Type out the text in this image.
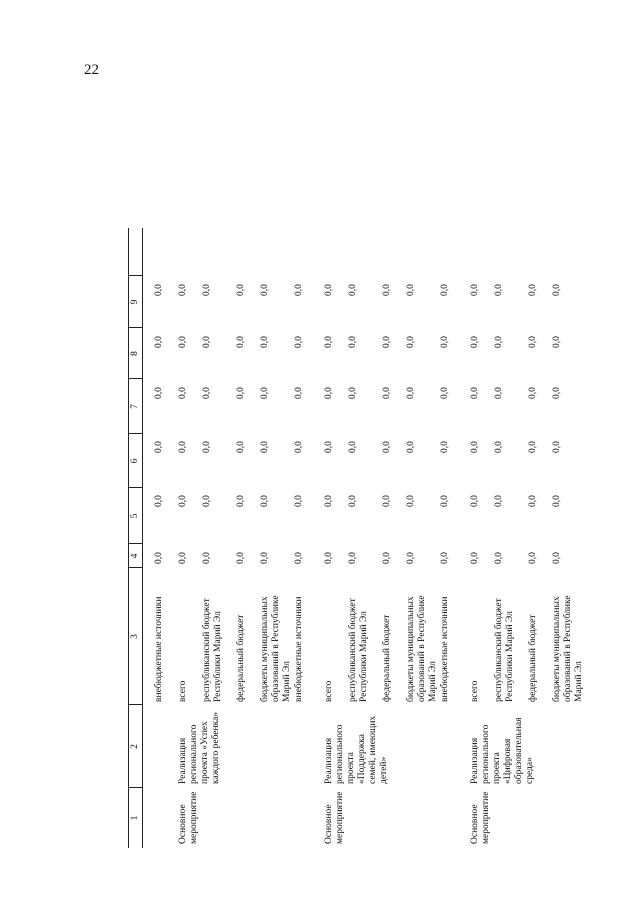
22
1
2
3
4
5
6
7
8
9
внебюджетные источники
0,0
0,0
0,0
0,0
0,0
0,0
Основное мероприятие
Реализация регионального проекта «Успех каждого ребенка»
всего
0,0
0,0
0,0
0,0
0,0
0,0
республиканский бюджет Республики Марий Эл
0,0
0,0
0,0
0,0
0,0
0,0
федеральный бюджет
0,0
0,0
0,0
0,0
0,0
0,0
бюджеты муниципальных образований в Республике Марий Эл
0,0
0,0
0,0
0,0
0,0
0,0
внебюджетные источники
0,0
0,0
0,0
0,0
0,0
0,0
Основное мероприятие
Реализация регионального проекта «Поддержка семей, имеющих детей»
всего
0,0
0,0
0,0
0,0
0,0
0,0
республиканский бюджет Республики Марий Эл
0,0
0,0
0,0
0,0
0,0
0,0
федеральный бюджет
0,0
0,0
0,0
0,0
0,0
0,0
бюджеты муниципальных образований в Республике Марий Эл
0,0
0,0
0,0
0,0
0,0
0,0
внебюджетные источники
0,0
0,0
0,0
0,0
0,0
0,0
Основное мероприятие
Реализация регионального проекта «Цифровая образовательная среда»
всего
0,0
0,0
0,0
0,0
0,0
0,0
республиканский бюджет Республики Марий Эл
0,0
0,0
0,0
0,0
0,0
0,0
федеральный бюджет
0,0
0,0
0,0
0,0
0,0
0,0
бюджеты муниципальных образований в Республике Марий Эл
0,0
0,0
0,0
0,0
0,0
0,0
